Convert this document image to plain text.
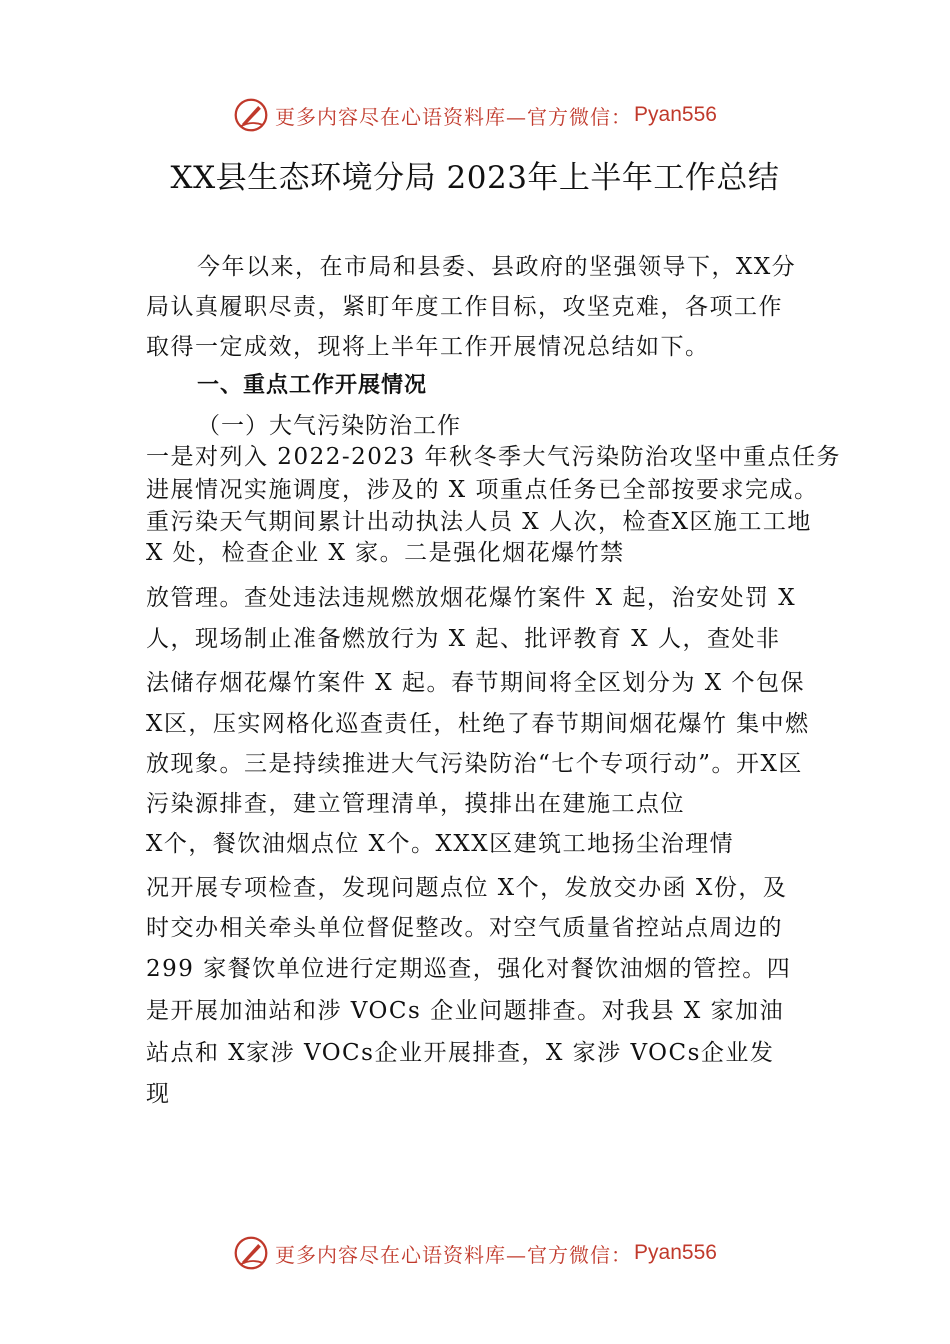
更多内容尽在心语资料库—官方微信： Pyan556
XX县生态环境分局 2023年上半年工作总结
今年以来，在市局和县委、县政府的坚强领导下，XX分
局认真履职尽责，紧盯年度工作目标，攻坚克难，各项工作
取得一定成效，现将上半年工作开展情况总结如下。
一、重点工作开展情况
（一）大气污染防治工作
一是对列入 2022-2023 年秋冬季大气污染防治攻坚中重点任务
进展情况实施调度，涉及的 X 项重点任务已全部按要求完成。
重污染天气期间累计出动执法人员 X 人次，检查X区施工工地
X 处，检查企业 X 家。二是强化烟花爆竹禁
放管理。查处违法违规燃放烟花爆竹案件 X 起，治安处罚 X
人，现场制止准备燃放行为 X 起、批评教育 X 人，查处非
法储存烟花爆竹案件 X 起。春节期间将全区划分为 X 个包保
X区，压实网格化巡查责任，杜绝了春节期间烟花爆竹 集中燃
放现象。三是持续推进大气污染防治“七个专项行动”。开X区
污染源排查，建立管理清单，摸排出在建施工点位
X个，餐饮油烟点位 X个。XXX区建筑工地扬尘治理情
况开展专项检查，发现问题点位 X个，发放交办函 X份，及
时交办相关牵头单位督促整改。对空气质量省控站点周边的
299 家餐饮单位进行定期巡查，强化对餐饮油烟的管控。四
是开展加油站和涉 VOCs 企业问题排查。对我县 X 家加油
站点和 X家涉 VOCs企业开展排查，X 家涉 VOCs企业发
现
更多内容尽在心语资料库—官方微信： Pyan556
